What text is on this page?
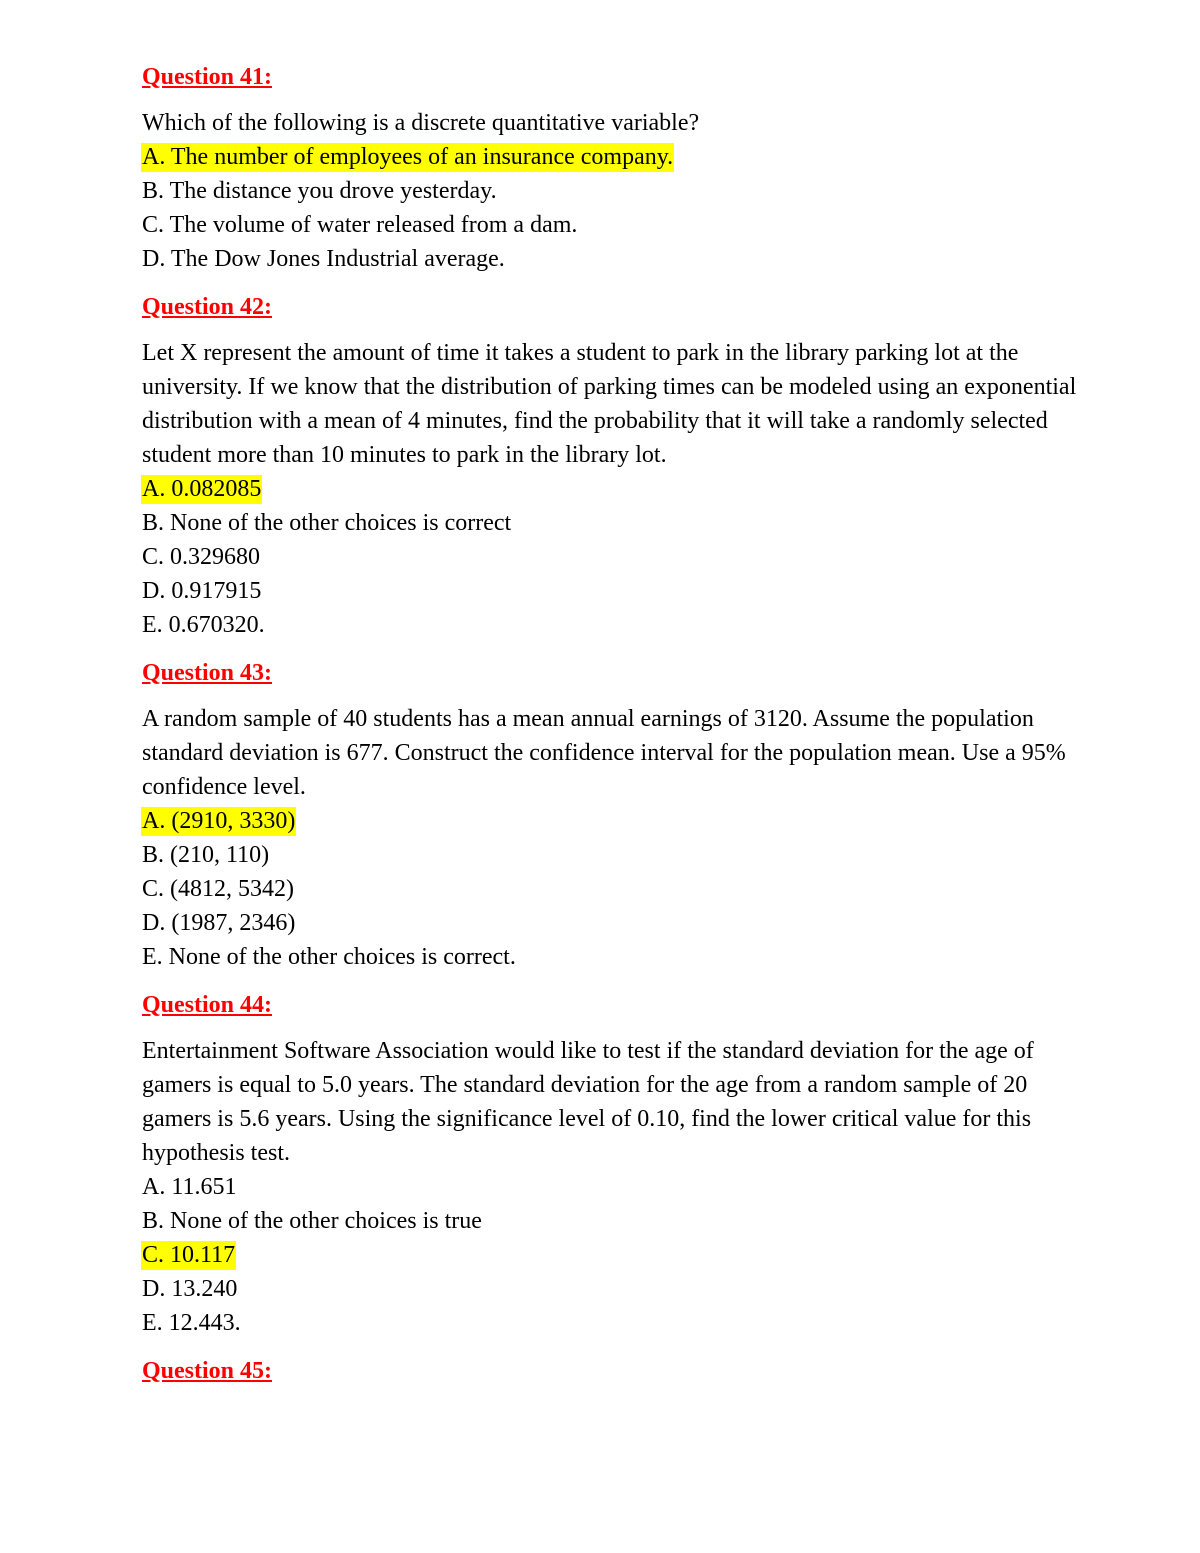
Question 41:

Which of the following is a discrete quantitative variable?

A. The number of employees of an insurance company.
B. The distance you drove yesterday.
C. The volume of water released from a dam.
D. The Dow Jones Industrial average.
Question 42:

Let X represent the amount of time it takes a student to park in the library parking lot at the university. If we know that the distribution of parking times can be modeled using an exponential distribution with a mean of 4 minutes, find the probability that it will take a randomly selected student more than 10 minutes to park in the library lot.

A. 0.082085
B. None of the other choices is correct
C. 0.329680
D. 0.917915
E. 0.670320.
Question 43:

A random sample of 40 students has a mean annual earnings of 3120. Assume the population standard deviation is 677. Construct the confidence interval for the population mean. Use a 95% confidence level.

A. (2910, 3330)
B. (210, 110)
C. (4812, 5342)
D. (1987, 2346)
E. None of the other choices is correct.
Question 44:

Entertainment Software Association would like to test if the standard deviation for the age of gamers is equal to 5.0 years. The standard deviation for the age from a random sample of 20 gamers is 5.6 years. Using the significance level of 0.10, find the lower critical value for this hypothesis test.

A. 11.651
B. None of the other choices is true
C. 10.117
D. 13.240
E. 12.443.
Question 45:
